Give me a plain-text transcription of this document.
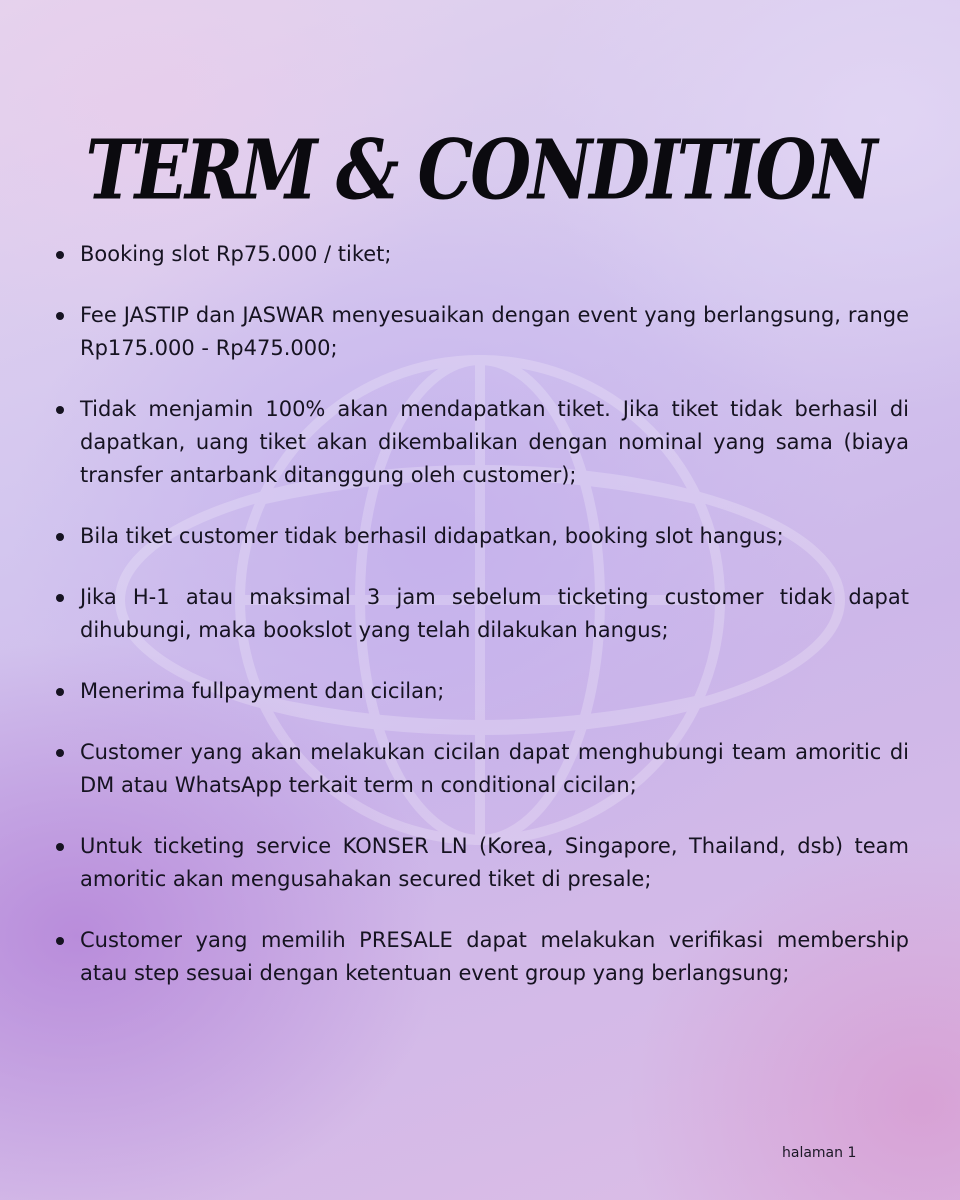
TERM & CONDITION
Booking slot Rp75.000 / tiket;
Fee JASTIP dan JASWAR menyesuaikan dengan event yang berlangsung, range Rp175.000 - Rp475.000;
Tidak menjamin 100% akan mendapatkan tiket. Jika tiket tidak berhasil di dapatkan, uang tiket akan dikembalikan dengan nominal yang sama (biaya transfer antarbank ditanggung oleh customer);
Bila tiket customer tidak berhasil didapatkan, booking slot hangus;
Jika H-1 atau maksimal 3 jam sebelum ticketing customer tidak dapat dihubungi, maka bookslot yang telah dilakukan hangus;
Menerima fullpayment dan cicilan;
Customer yang akan melakukan cicilan dapat menghubungi team amoritic di DM atau WhatsApp terkait term n conditional cicilan;
Untuk ticketing service KONSER LN (Korea, Singapore, Thailand, dsb) team amoritic akan mengusahakan secured tiket di presale;
Customer yang memilih PRESALE dapat melakukan verifikasi membership atau step sesuai dengan ketentuan event group yang berlangsung;
halaman 1
